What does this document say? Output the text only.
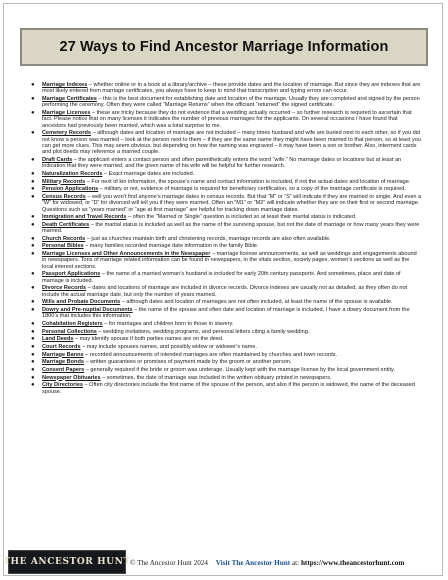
27 Ways to Find Ancestor Marriage Information
● Marriage Indexes – whether online or in a book at a library/archive – these provide dates and the location of marriage. But since they are indexes that are most likely entered from marriage certificates, you always have to keep in mind that transcription and typing errors can occur.
● Marriage Certificates – this is the best document for establishing date and location of the marriage. Usually they are completed and signed by the person performing the ceremony. Often they were called “Marriage Returns” when the officiant “returned” the signed certificate.
● Marriage Licenses – these are tricky because they do not evidence that a wedding actually occurred – so further research is required to ascertain that fact. Please notice that on many licenses it indicates the number of previous marriages for the applicants. On several occasions I have found that ancestors had previously been married, which was a total surprise to me.
● Cemetery Records – although dates and location of marriage are not included – many times husband and wife are buried next to each other, so if you did not know a person was married – look at the person next to them – if they are the same name they might have been married to that person, so at least you can get more clues. This may seem obvious, but depending on how the naming was engraved – it may have been a son or brother. Also, interment cards and plot deeds may reference a married couple.
● Draft Cards – the applicant enters a contact person and often parenthetically enters the word “wife.” No marriage dates or locations but at least an indication that they were married, and the given name of his wife will be helpful for further research.
● Naturalization Records – Exact marriage dates are included.
● Military Records – For next of kin information, the spouse’s name and contact information is included, if not the actual dates and location of marriage.
● Pension Applications – military or not, evidence of marriage is required for beneficiary certification, so a copy of the marriage certificate is required.
● Census Records – well you won’t find anyone’s marriage dates in census records. But that “M” or “S” will indicate if they are married or single. And even a “W” for widowed, or “D” for divorced will tell you if they were married. Often an “M1” or “M2” will indicate whether they are on their first or second marriage. Questions such as “years married” or “age at first marriage” are helpful for tracking down marriage dates.
● Immigration and Travel Records – often the “Married or Single” question is included so at least their marital status is indicated.
● Death Certificates – the marital status is included as well as the name of the surviving spouse, but not the date of marriage or how many years they were married.
● Church Records – just as churches maintain birth and christening records, marriage records are also often available.
● Personal Bibles – many families recorded marriage date information in the family Bible.
● Marriage Licenses and Other Announcements in the Newspaper – marriage license announcements, as well as weddings and engagements abound in newspapers. Tons of marriage related information can be found in newspapers, in the vitals section, society pages, women’s sections as well as the local interest sections.
● Passport Applications – the name of a married woman’s husband is included for early 20th century passports. And sometimes, place and date of marriage is included.
● Divorce Records – dates and locations of marriage are included in divorce records. Divorce indexes are usually not as detailed, as they often do not include the actual marriage date, but only the number of years married.
● Wills and Probate Documents – although dates and location of marriages are not often included, at least the name of the spouse is available.
● Dowry and Pre-nuptial Documents – the name of the spouse and often date and location of marriage is included. I have a dowry document from the 1800’s that includes this information.
● Cohabitation Registers – for marriages and children born to those in slavery.
● Personal Collections – wedding invitations, wedding programs, and personal letters citing a family wedding.
● Land Deeds – may identify spouse if both parties names are on the deed.
● Court Records – may include spouses names, and possibly widow or widower’s name.
● Marriage Banns – recorded announcements of intended marriages are often maintained by churches and town records.
● Marriage Bonds – written guarantees or promises of payment made by the groom or another person.
● Consent Papers – generally required if the bride or groom was underage. Usually kept with the marriage license by the local government entity.
● Newspaper Obituaries – sometimes, the date of marriage was included in the written obituary printed in newspapers.
● City Directories – Often city directories include the first name of the spouse of the person, and also if the person is widowed, the name of the deceased spouse.
THE ANCESTOR HUNT © The Ancestor Hunt 2024 Visit The Ancestor Hunt at: https://www.theancestorhunt.com
